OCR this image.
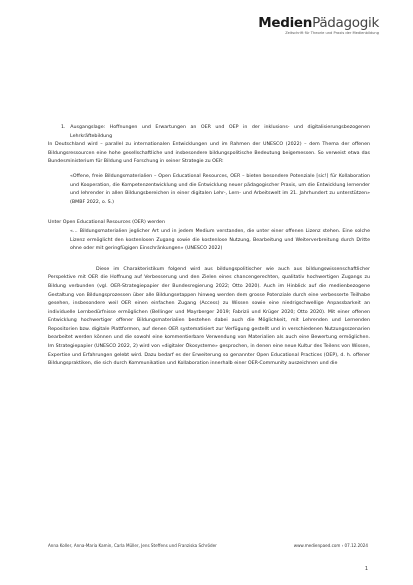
MedienPädagogik
Zeitschrift für Theorie und Praxis der Medienbildung

1. Ausgangslage: Hoffnungen und Erwartungen an OER und OEP in der inklusions- und digitalisierungsbezogenen Lehrkräftebildung

In Deutschland wird – parallel zu internationalen Entwicklungen und im Rahmen der UNESCO (2022) – dem Thema der offenen Bildungsressourcen eine hohe gesellschaftliche und insbesondere bildungspolitische Bedeutung beigemessen. So verweist etwa das Bundesministerium für Bildung und Forschung in seiner Strategie zu OER:

«Offene, freie Bildungsmaterialien – Open Educational Resources, OER – bieten besondere Potenziale [sic!] für Kollaboration und Kooperation, die Kompetenzentwicklung und die Entwicklung neuer pädagogischer Praxis, um die Entwicklung lernender und lehrender in allen Bildungsbereichen in einer digitalen Lehr-, Lern- und Arbeitswelt im 21. Jahrhundert zu unterstützen» (BMBF 2022, o. S.)

Unter Open Educational Resources (OER) werden

«… Bildungsmaterialien jeglicher Art und in jedem Medium verstanden, die unter einer offenen Lizenz stehen. Eine solche Lizenz ermöglicht den kostenlosen Zugang sowie die kostenlose Nutzung, Bearbeitung und Weiterverbreitung durch Dritte ohne oder mit geringfügigen Einschränkungen» (UNESCO 2022)

Diese im Charakteristikum folgend wird aus bildungspolitischer wie auch aus bildungswissenschaftlicher Perspektive mit OER die Hoffnung auf Verbesserung und den Zielen eines chancengerechten, qualitativ hochwertigen Zugangs zu Bildung verbunden (vgl. OER-Strategiepapier der Bundesregierung 2022; Otto 2020). Auch im Hinblick auf die medienbezogene Gestaltung von Bildungsprozessen über alle Bildungsetappen hinweg werden dem grosse Potenziale durch eine verbesserte Teilhabe gesehen, insbesondere weil OER einen einfachen Zugang (Access) zu Wissen sowie eine niedrigschwellige Anpassbarkeit an individuelle Lernbedürfnisse ermöglichen (Bellinger und Mayrberger 2019; Fabrizii und Krüger 2020; Otto 2020). Mit einer offenen Entwicklung hochwertiger offener Bildungsmaterialien bestehen dabei auch die Möglichkeit, mit Lehrenden und Lernenden Repositorien bzw. digitale Plattformen, auf denen OER systematisiert zur Verfügung gestellt und in verschiedenen Nutzungsszenarien bearbeitet werden können und die sowohl eine kommentierbare Verwendung von Materialien als auch eine Bewertung ermöglichen. Im Strategiepapier (UNESCO 2022, 2) wird von «digitaler Ökosysteme» gesprochen, in denen eine neue Kultur des Teilens von Wissen, Expertise und Erfahrungen gelebt wird. Dazu bedarf es der Erweiterung so genannter Open Educational Practices (OEP), d. h. offener Bildungspraktiken, die sich durch Kommunikation und Kollaboration innerhalb einer OER-Community auszeichnen und die

Anna Koller, Anna-Maria Kamin, Carla Müller, Jens Steffens und Franziska Schröder	www.medienpaed.com › 07.12.2024
1
